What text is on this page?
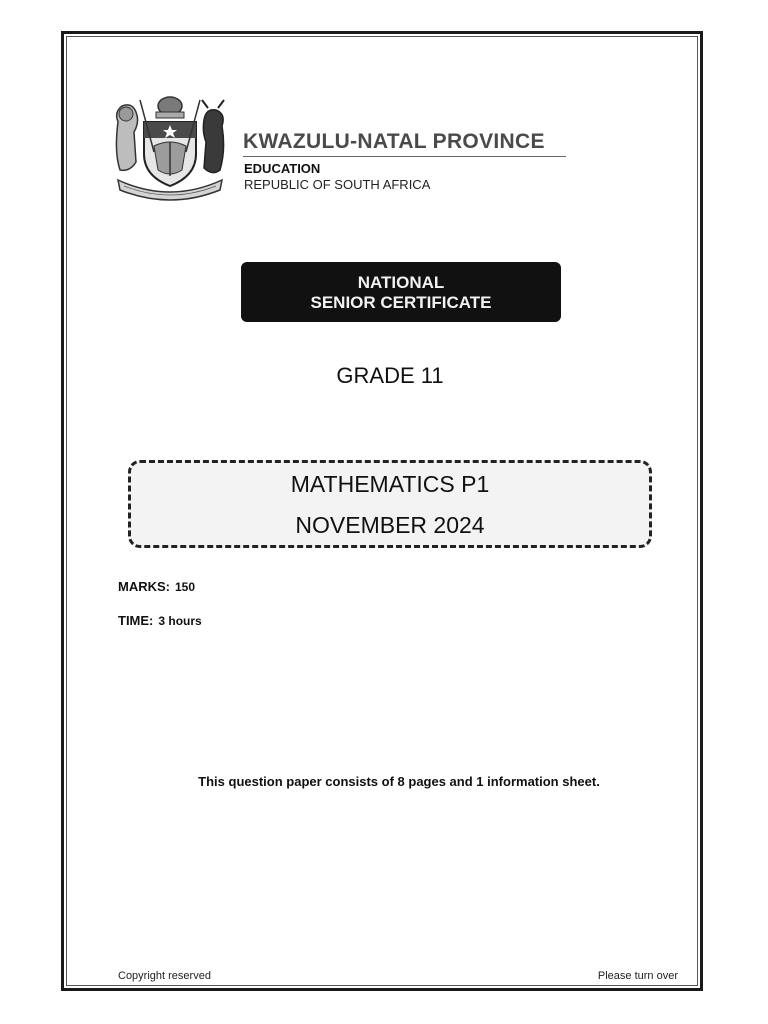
KWAZULU-NATAL PROVINCE
EDUCATION
REPUBLIC OF SOUTH AFRICA
NATIONAL
SENIOR CERTIFICATE
GRADE 11
MATHEMATICS P1
NOVEMBER 2024
MARKS: 150
TIME: 3 hours
This question paper consists of 8 pages and 1 information sheet.
Copyright reserved	Please turn over
